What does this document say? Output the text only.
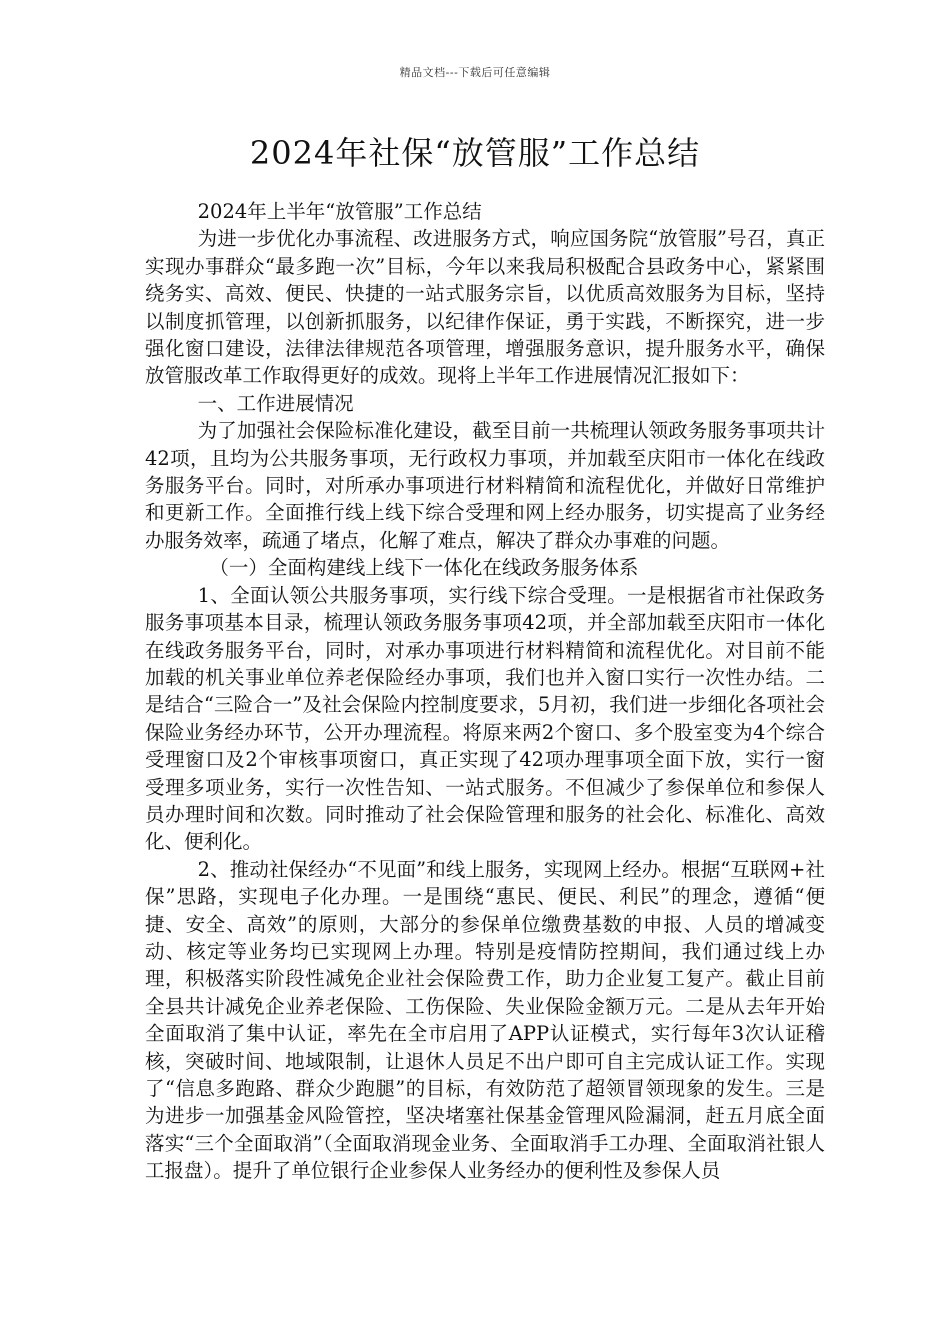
精品文档---下载后可任意编辑
2024年社保“放管服”工作总结

2024年上半年“放管服”工作总结

为进一步优化办事流程、改进服务方式，响应国务院“放管服”号召，真正实现办事群众“最多跑一次”目标，今年以来我局积极配合县政务中心，紧紧围绕务实、高效、便民、快捷的一站式服务宗旨，以优质高效服务为目标，坚持以制度抓管理，以创新抓服务，以纪律作保证，勇于实践，不断探究，进一步强化窗口建设，法律法律规范各项管理，增强服务意识，提升服务水平，确保放管服改革工作取得更好的成效。现将上半年工作进展情况汇报如下：

一、工作进展情况

为了加强社会保险标准化建设，截至目前一共梳理认领政务服务事项共计42项，且均为公共服务事项，无行政权力事项，并加载至庆阳市一体化在线政务服务平台。同时，对所承办事项进行材料精简和流程优化，并做好日常维护和更新工作。全面推行线上线下综合受理和网上经办服务，切实提高了业务经办服务效率，疏通了堵点，化解了难点，解决了群众办事难的问题。

（一）全面构建线上线下一体化在线政务服务体系

1、全面认领公共服务事项，实行线下综合受理。一是根据省市社保政务服务事项基本目录，梳理认领政务服务事项42项，并全部加载至庆阳市一体化在线政务服务平台，同时，对承办事项进行材料精简和流程优化。对目前不能加载的机关事业单位养老保险经办事项，我们也并入窗口实行一次性办结。二是结合“三险合一”及社会保险内控制度要求，5月初，我们进一步细化各项社会保险业务经办环节，公开办理流程。将原来两2个窗口、多个股室变为4个综合受理窗口及2个审核事项窗口，真正实现了42项办理事项全面下放，实行一窗受理多项业务，实行一次性告知、一站式服务。不但减少了参保单位和参保人员办理时间和次数。同时推动了社会保险管理和服务的社会化、标准化、高效化、便利化。

2、推动社保经办“不见面”和线上服务，实现网上经办。根据“互联网+社保”思路，实现电子化办理。一是围绕“惠民、便民、利民”的理念，遵循“便捷、安全、高效”的原则，大部分的参保单位缴费基数的申报、人员的增减变动、核定等业务均已实现网上办理。特别是疫情防控期间，我们通过线上办理，积极落实阶段性减免企业社会保险费工作，助力企业复工复产。截止目前全县共计减免企业养老保险、工伤保险、失业保险金额万元。二是从去年开始全面取消了集中认证，率先在全市启用了APP认证模式，实行每年3次认证稽核，突破时间、地域限制，让退休人员足不出户即可自主完成认证工作。实现了“信息多跑路、群众少跑腿”的目标，有效防范了超领冒领现象的发生。三是为进步一加强基金风险管控，坚决堵塞社保基金管理风险漏洞，赶五月底全面落实“三个全面取消”（全面取消现金业务、全面取消手工办理、全面取消社银人工报盘）。提升了单位银行企业参保人业务经办的便利性及参保人员
